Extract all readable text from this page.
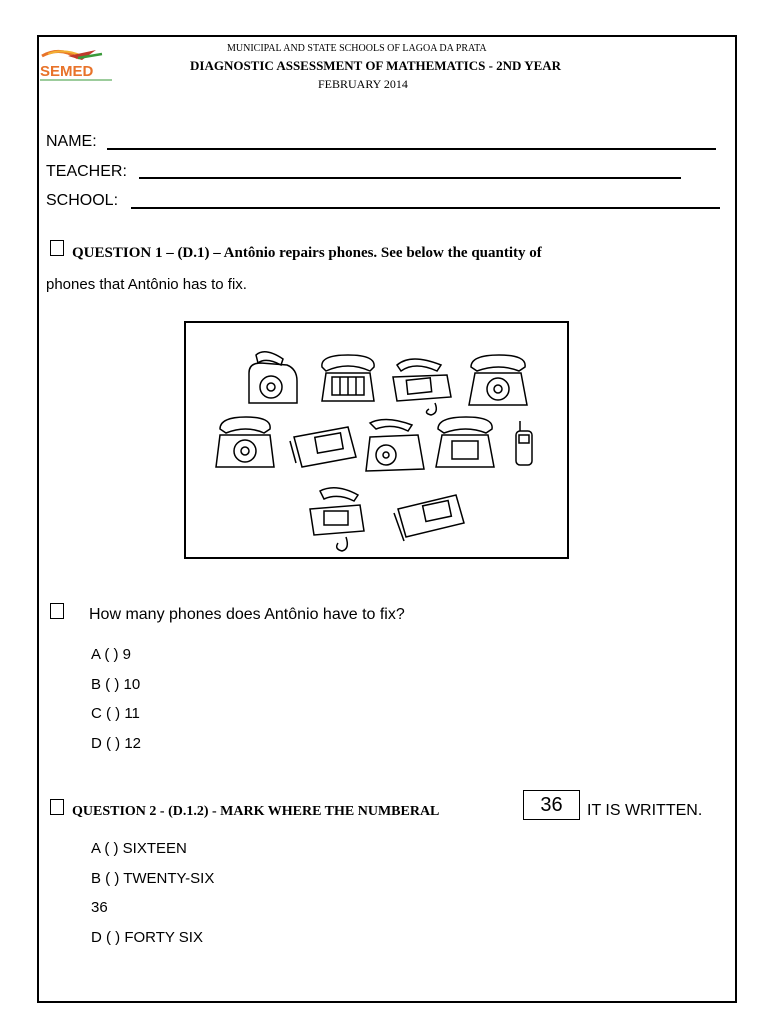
SEMED
MUNICIPAL AND STATE SCHOOLS OF LAGOA DA PRATA
DIAGNOSTIC ASSESSMENT OF MATHEMATICS - 2ND YEAR
FEBRUARY 2014
NAME:
TEACHER:
SCHOOL:
QUESTION 1 – (D.1) – Antônio repairs phones. See below the quantity of
phones that Antônio has to fix.
How many phones does Antônio have to fix?
A ( ) 9
B ( ) 10
C ( ) 11
D ( ) 12
QUESTION 2 - (D.1.2) - MARK WHERE THE NUMBERAL	36	IT IS WRITTEN.
A ( ) SIXTEEN
B ( ) TWENTY-SIX
36
D ( ) FORTY SIX
